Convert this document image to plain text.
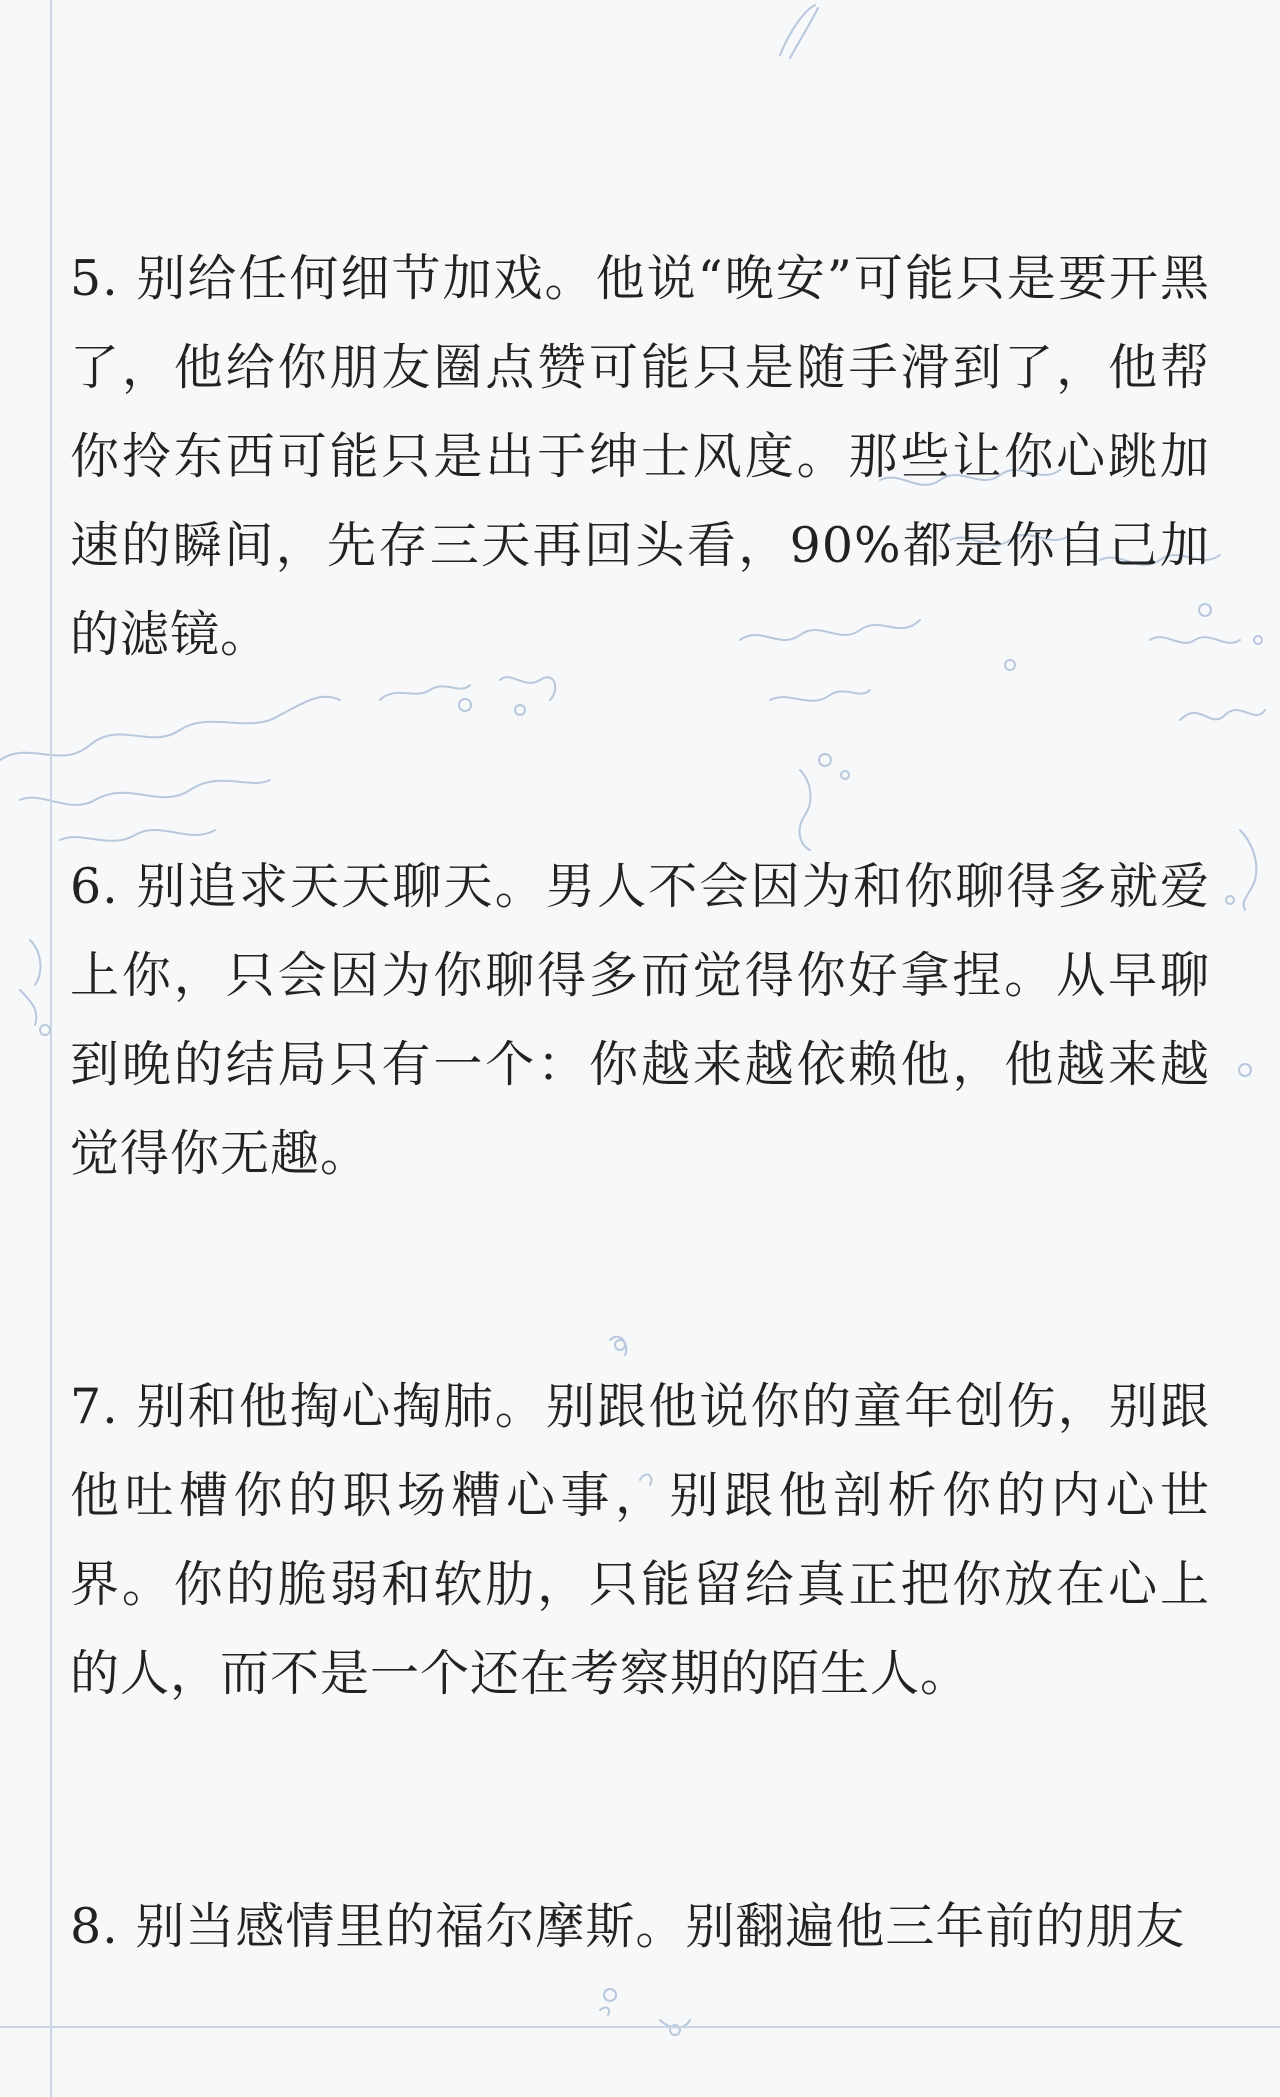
5. 别给任何细节加戏。他说“晚安”可能只是要开黑了，他给你朋友圈点赞可能只是随手滑到了，他帮你拎东西可能只是出于绅士风度。那些让你心跳加速的瞬间，先存三天再回头看，90%都是你自己加的滤镜。

6. 别追求天天聊天。男人不会因为和你聊得多就爱上你，只会因为你聊得多而觉得你好拿捏。从早聊到晚的结局只有一个：你越来越依赖他，他越来越觉得你无趣。

7. 别和他掏心掏肺。别跟他说你的童年创伤，别跟他吐槽你的职场糟心事，别跟他剖析你的内心世界。你的脆弱和软肋，只能留给真正把你放在心上的人，而不是一个还在考察期的陌生人。

8. 别当感情里的福尔摩斯。别翻遍他三年前的朋友
